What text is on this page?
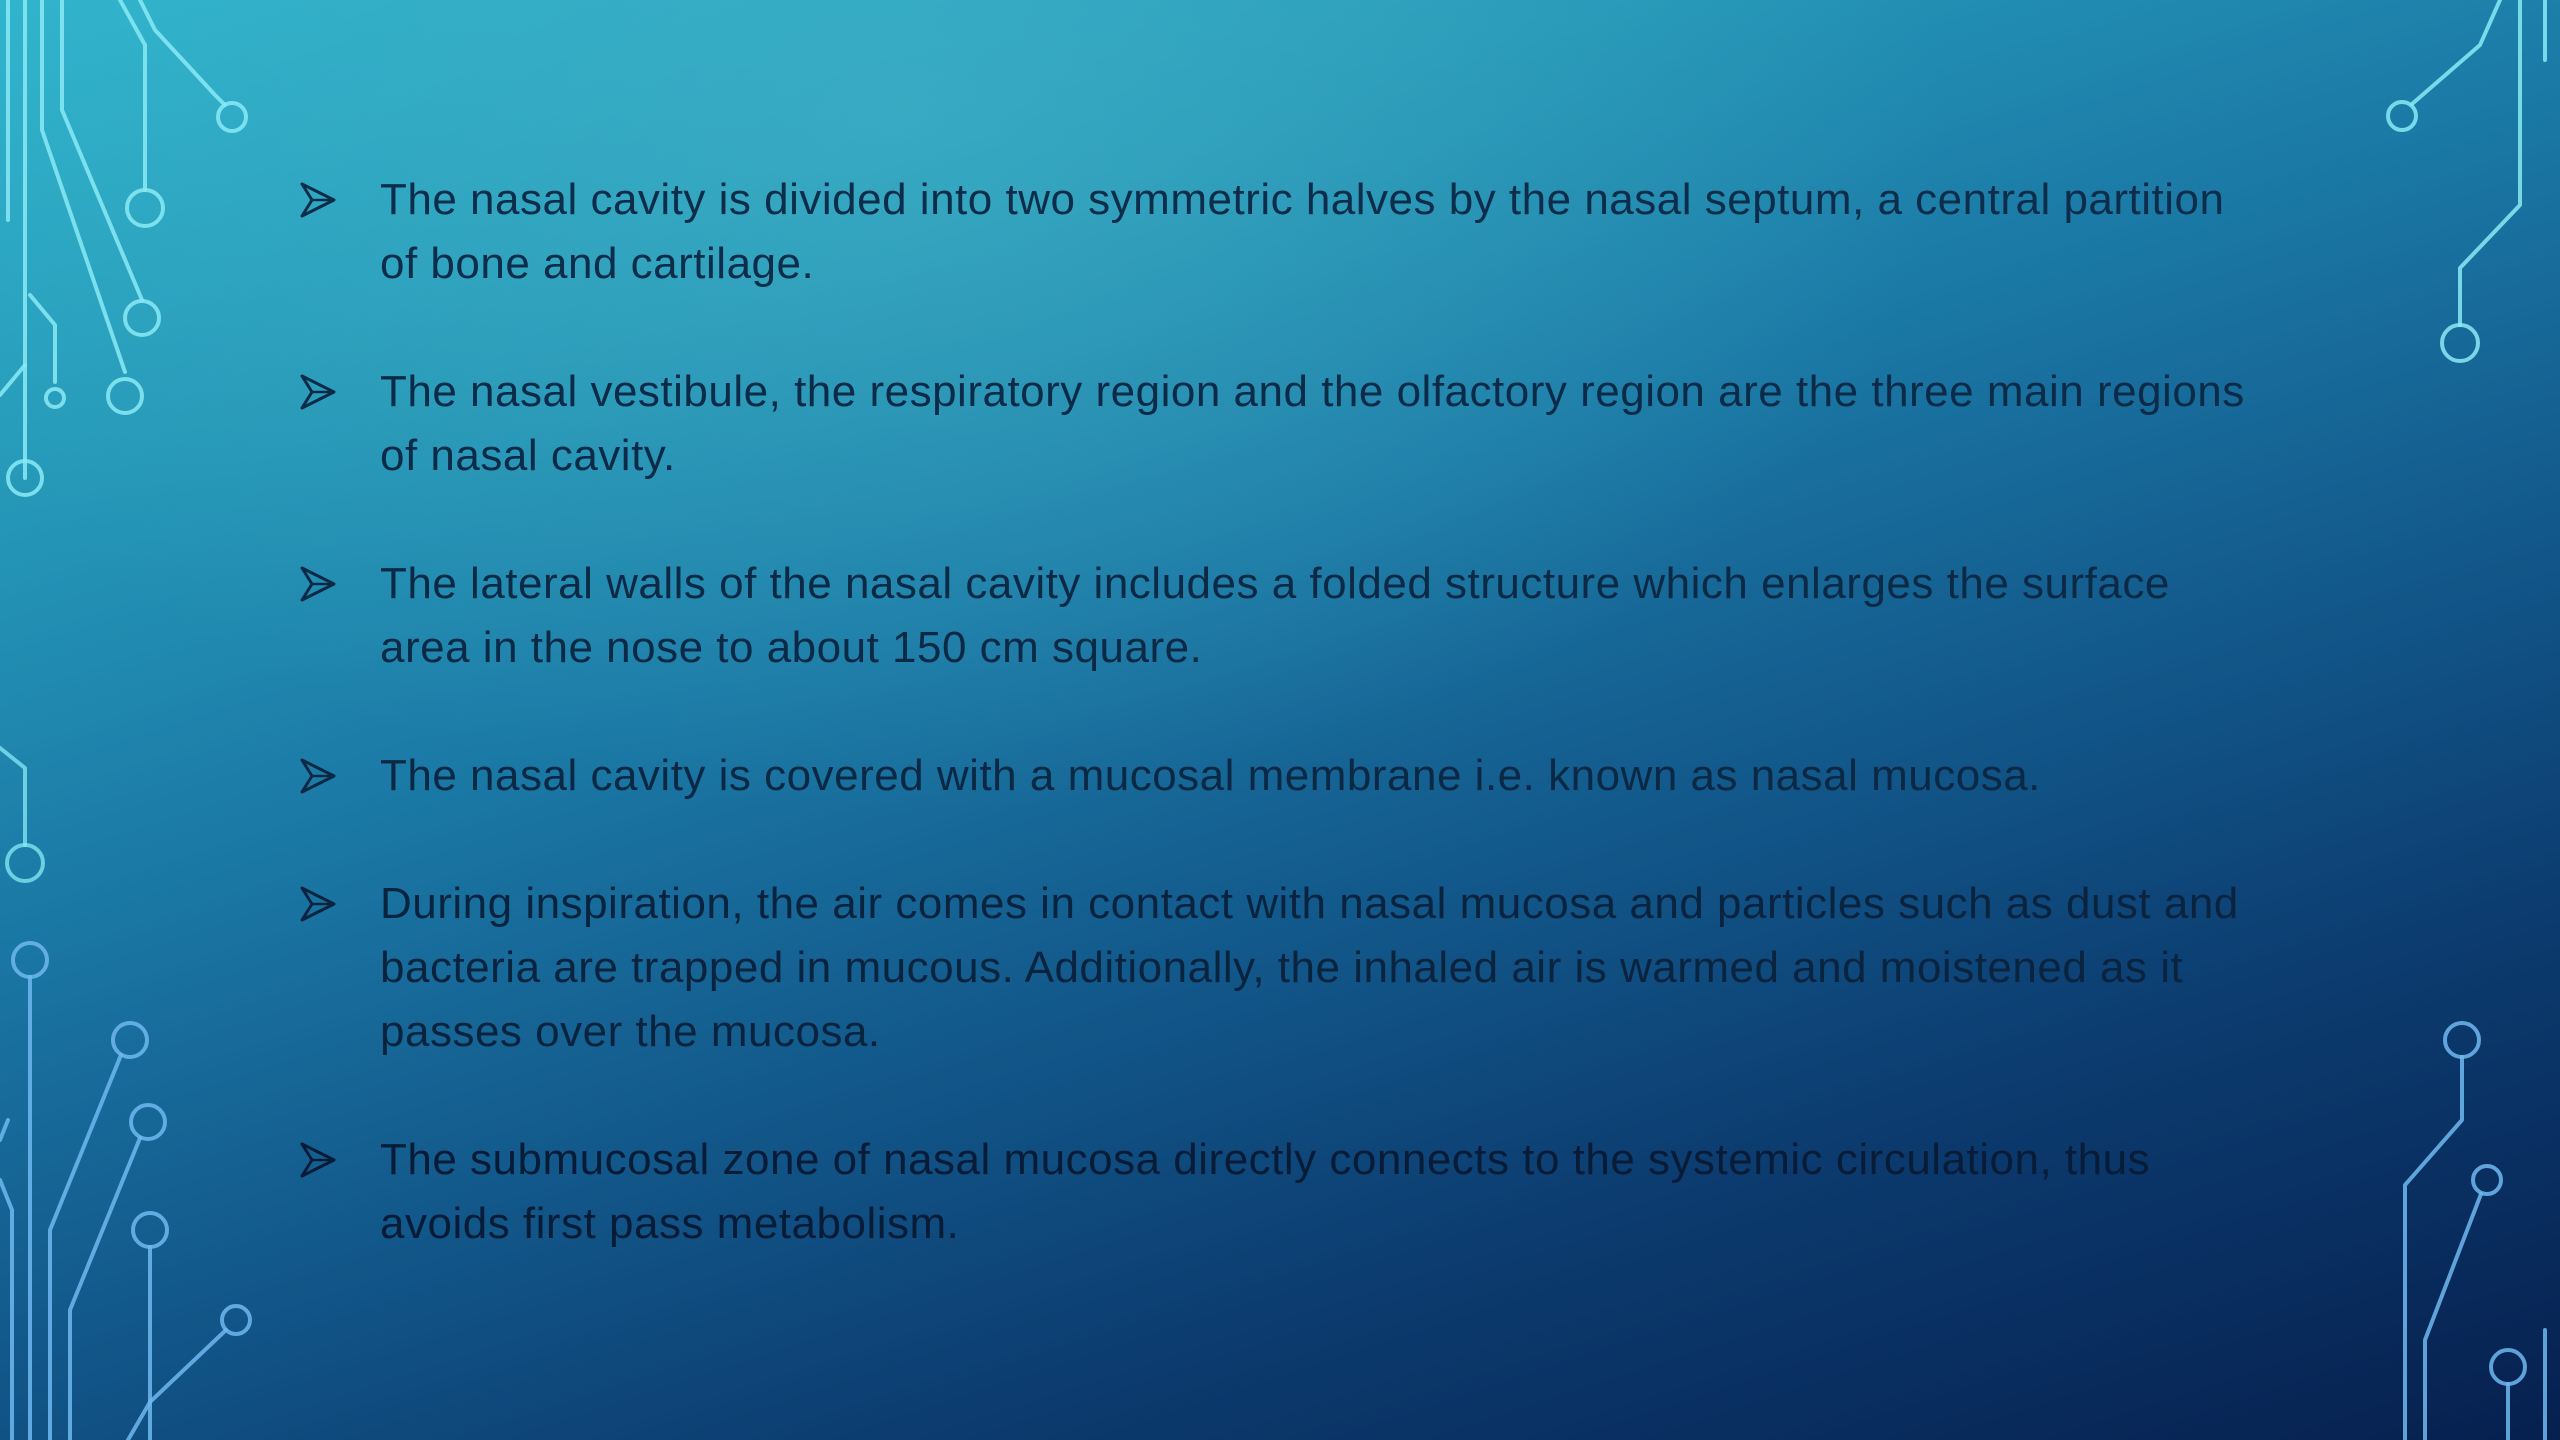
The nasal cavity is divided into two symmetric halves by the nasal septum, a central partition of bone and cartilage.
The nasal vestibule, the respiratory region and the olfactory region are the three main regions of nasal cavity.
The lateral walls of the nasal cavity includes a folded structure which enlarges the surface area in the nose to about 150 cm square.
The nasal cavity is covered with a mucosal membrane i.e. known as nasal mucosa.
During inspiration, the air comes in contact with nasal mucosa and particles such as dust and bacteria are trapped in mucous. Additionally, the inhaled air is warmed and moistened as it passes over the mucosa.
The submucosal zone of nasal mucosa directly connects to the systemic circulation, thus avoids first pass metabolism.
